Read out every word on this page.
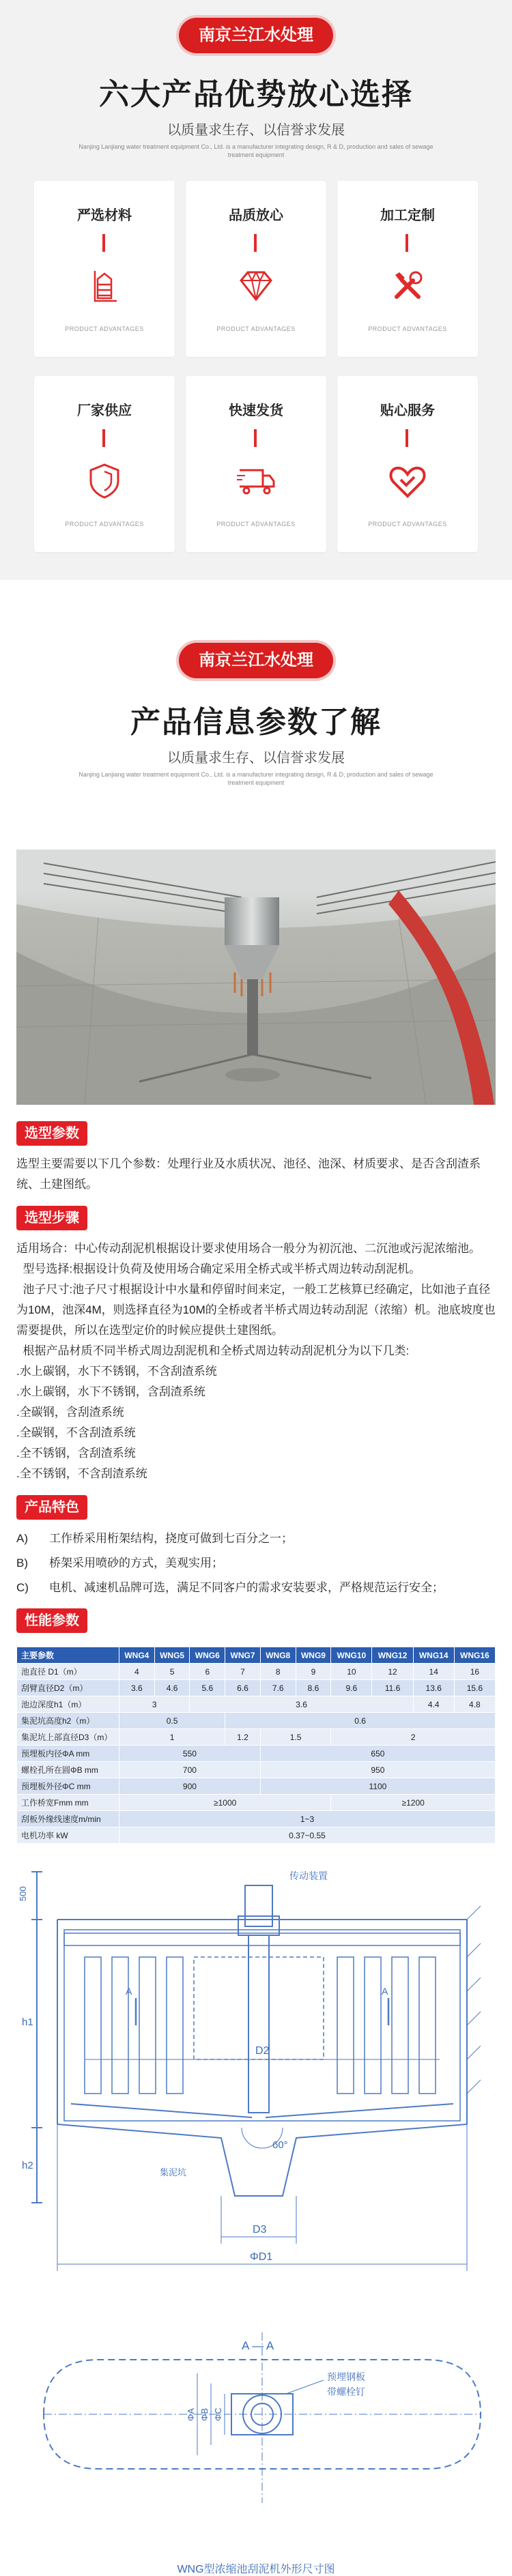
南京兰江水处理
六大产品优势放心选择
以质量求生存、以信誉求发展
Nanjing Lanjiang water treatment equipment Co., Ltd. is a manufacturer integrating design, R & D, production and sales of sewage treatment equipment
严选材料
PRODUCT ADVANTAGES
品质放心
PRODUCT ADVANTAGES
加工定制
PRODUCT ADVANTAGES
厂家供应
PRODUCT ADVANTAGES
快速发货
PRODUCT ADVANTAGES
贴心服务
PRODUCT ADVANTAGES
南京兰江水处理
产品信息参数了解
以质量求生存、以信誉求发展
Nanjing Lanjiang water treatment equipment Co., Ltd. is a manufacturer integrating design, R & D, production and sales of sewage treatment equipment
选型参数
选型主要需要以下几个参数：处理行业及水质状况、池径、池深、材质要求、是否含刮渣系统、土建图纸。
选型步骤
适用场合：中心传动刮泥机根据设计要求使用场合一般分为初沉池、二沉池或污泥浓缩池。
型号选择:根据设计负荷及使用场合确定采用全桥式或半桥式周边转动刮泥机。
池子尺寸:池子尺寸根据设计中水量和停留时间来定，一般工艺核算已经确定，比如池子直径为10M，池深4M，则选择直径为10M的全桥或者半桥式周边转动刮泥（浓缩）机。池底坡度也需要提供，所以在选型定价的时候应提供土建图纸。
根据产品材质不同半桥式周边刮泥机和全桥式周边转动刮泥机分为以下几类:
.水上碳钢，水下不锈钢，不含刮渣系统
.水上碳钢，水下不锈钢，含刮渣系统
.全碳钢，含刮渣系统
.全碳钢，不含刮渣系统
.全不锈钢，含刮渣系统
.全不锈钢，不含刮渣系统
产品特色
A)	工作桥采用桁架结构，挠度可做到七百分之一；
B)	桥架采用喷砂的方式，美观实用；
C)	电机、减速机品牌可选，满足不同客户的需求安装要求，严格规范运行安全；
性能参数
主要参数	WNG4	WNG5	WNG6	WNG7	WNG8	WNG9	WNG10	WNG12	WNG14	WNG16
池直径 D1（m）	4	5	6	7	8	9	10	12	14	16
刮臂直径D2（m）	3.6	4.6	5.6	6.6	7.6	8.6	9.6	11.6	13.6	15.6
池边深度h1（m）	3		3.6						4.4	4.8
集泥坑高度h2（m）	0.5			0.6						
集泥坑上部直径D3（m）	1			1.2	1.5		2			
预埋板内径ΦA mm	550				650					
螺栓孔所在圆ΦB mm	700				950					
预埋板外径ΦC mm	900				1100					
工作桥宽Fmm mm	≥1000						≥1200			
刮板外缘线速度m/min	1~3									
电机功率 kW	0.37~0.55									
传动装置
500
h1
h2
D2
D3
ΦD1
60°
集泥坑
A — A
A	A
预埋钢板
带螺栓钉
ΦA ΦB ΦC
WNG型浓缩池刮泥机外形尺寸图
